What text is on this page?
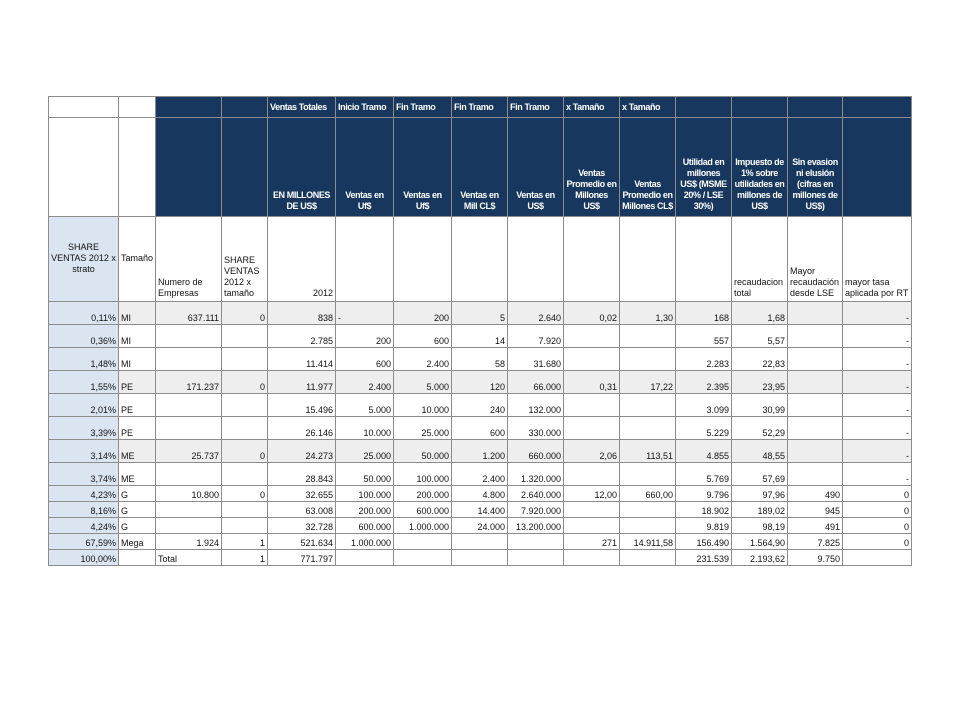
				Ventas Totales	Inicio Tramo	Fin Tramo	Fin Tramo	Fin Tramo	x Tamaño	x Tamaño				
				EN MILLONES DE US$	Ventas en Uf$	Ventas en Uf$	Ventas en Mill CL$	Ventas en US$	Ventas Promedio en Millones US$	Ventas Promedio en Millones CL$	Utilidad en millones US$ (MSME 20% / LSE 30%)	Impuesto de 1% sobre utilidades en millones de US$	Sin evasion ni elusión (cifras en millones de US$)	
SHARE VENTAS 2012 x strato	Tamaño	Numero de Empresas	SHARE VENTAS 2012 x tamaño	2012								recaudacion total	Mayor recaudación desde LSE	mayor tasa aplicada por RT
0,11%	MI	637.111	0	838	-	200	5	2.640	0,02	1,30	168	1,68		-
0,36%	MI			2.785	200	600	14	7.920			557	5,57		-
1,48%	MI			11.414	600	2.400	58	31.680			2.283	22,83		-
1,55%	PE	171.237	0	11.977	2.400	5.000	120	66.000	0,31	17,22	2.395	23,95		-
2,01%	PE			15.496	5.000	10.000	240	132.000			3.099	30,99		-
3,39%	PE			26.146	10.000	25.000	600	330.000			5.229	52,29		-
3,14%	ME	25.737	0	24.273	25.000	50.000	1.200	660.000	2,06	113,51	4.855	48,55		-
3,74%	ME			28.843	50.000	100.000	2.400	1.320.000			5.769	57,69		-
4,23%	G	10.800	0	32.655	100.000	200.000	4.800	2.640.000	12,00	660,00	9.796	97,96	490	0
8,16%	G			63.008	200.000	600.000	14.400	7.920.000			18.902	189,02	945	0
4,24%	G			32.728	600.000	1.000.000	24.000	13.200.000			9.819	98,19	491	0
67,59%	Mega	1.924	1	521.634	1.000.000				271	14.911,58	156.490	1.564,90	7.825	0
100,00%		Total	1	771.797							231.539	2.193,62	9.750	
